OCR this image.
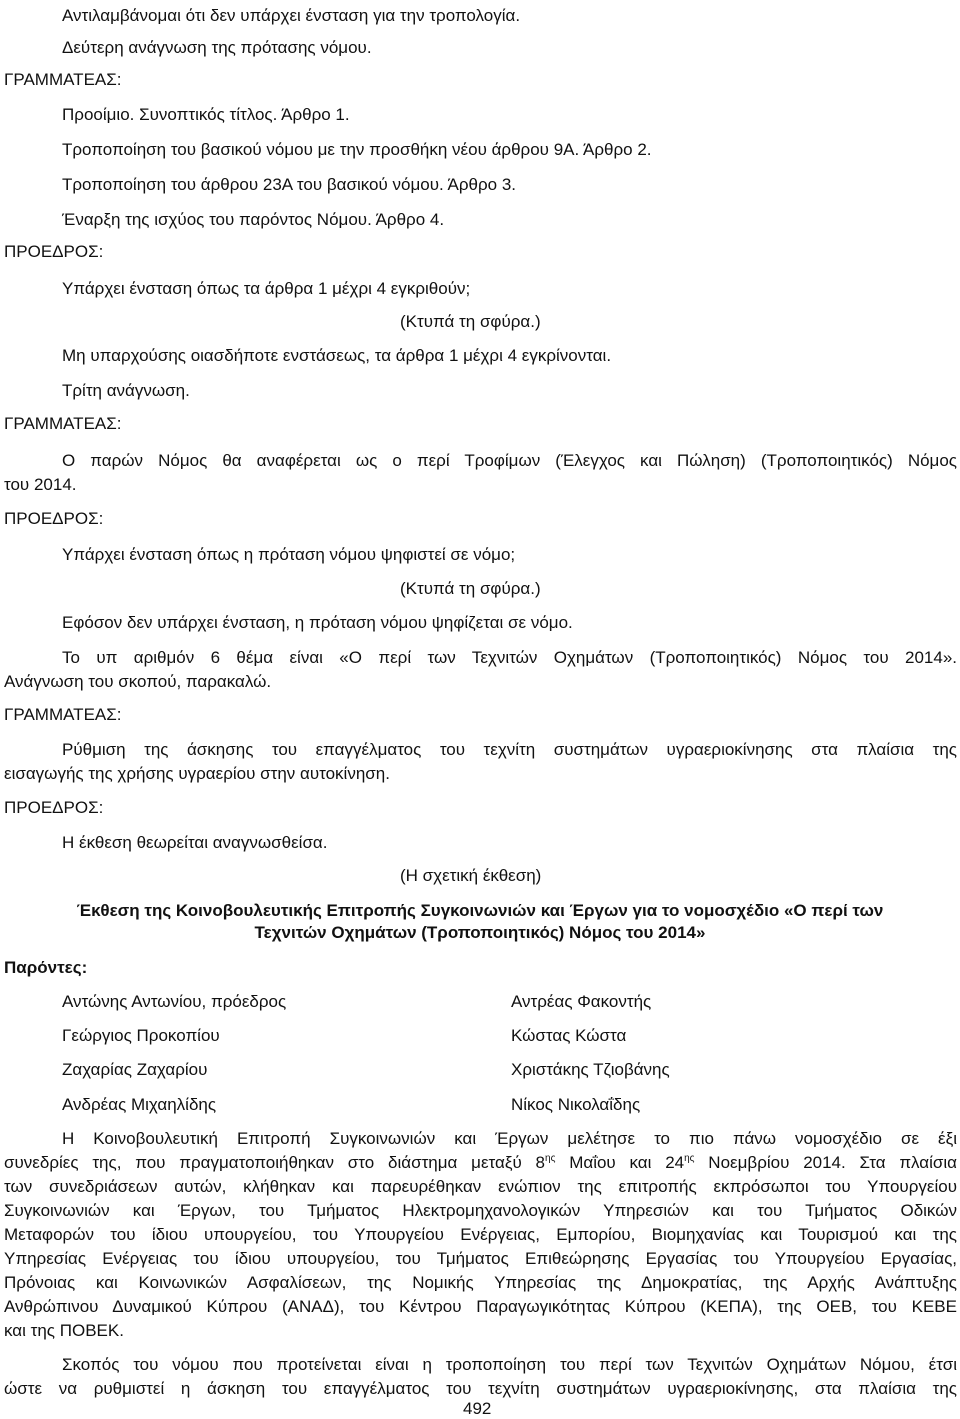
Αντιλαμβάνομαι ότι δεν υπάρχει ένσταση για την τροπολογία.
Δεύτερη ανάγνωση της πρότασης νόμου.
ΓΡΑΜΜΑΤΕΑΣ:
Προοίμιο. Συνοπτικός τίτλος. Άρθρο 1.
Τροποποίηση του βασικού νόμου με την προσθήκη νέου άρθρου 9Α. Άρθρο 2.
Τροποποίηση του άρθρου 23Α του βασικού νόμου. Άρθρο 3.
Έναρξη της ισχύος του παρόντος Νόμου. Άρθρο 4.
ΠΡΟΕΔΡΟΣ:
Υπάρχει ένσταση όπως τα άρθρα 1 μέχρι 4 εγκριθούν;
(Κτυπά τη σφύρα.)
Μη υπαρχούσης οιασδήποτε ενστάσεως, τα άρθρα 1 μέχρι 4 εγκρίνονται.
Τρίτη ανάγνωση.
ΓΡΑΜΜΑΤΕΑΣ:
Ο παρών Νόμος θα αναφέρεται ως ο περί Τροφίμων (Έλεγχος και Πώληση) (Τροποποιητικός) Νόμος
του 2014.
ΠΡΟΕΔΡΟΣ:
Υπάρχει ένσταση όπως η πρόταση νόμου ψηφιστεί σε νόμο;
(Κτυπά τη σφύρα.)
Εφόσον δεν υπάρχει ένσταση, η πρόταση νόμου ψηφίζεται σε νόμο.
Το υπ αριθμόν 6 θέμα είναι «Ο περί των Τεχνιτών Οχημάτων (Τροποποιητικός) Νόμος του 2014».
Ανάγνωση του σκοπού, παρακαλώ.
ΓΡΑΜΜΑΤΕΑΣ:
Ρύθμιση της άσκησης του επαγγέλματος του τεχνίτη συστημάτων υγραεριοκίνησης στα πλαίσια της
εισαγωγής της χρήσης υγραερίου στην αυτοκίνηση.
ΠΡΟΕΔΡΟΣ:
Η έκθεση θεωρείται αναγνωσθείσα.
(Η σχετική έκθεση)
Έκθεση της Κοινοβουλευτικής Επιτροπής Συγκοινωνιών και Έργων για το νομοσχέδιο «Ο περί των
Τεχνιτών Οχημάτων (Τροποποιητικός) Νόμος του 2014»
Παρόντες:
Αντώνης Αντωνίου, πρόεδρος
Γεώργιος Προκοπίου
Ζαχαρίας Ζαχαρίου
Ανδρέας Μιχαηλίδης
Αντρέας Φακοντής
Κώστας Κώστα
Χριστάκης Τζιοβάνης
Νίκος Νικολαΐδης
Η Κοινοβουλευτική Επιτροπή Συγκοινωνιών και Έργων μελέτησε το πιο πάνω νομοσχέδιο σε έξι
συνεδρίες της, που πραγματοποιήθηκαν στο διάστημα μεταξύ $8^{\eta\varsigma}$ Μαΐου και $24^{\eta\varsigma}$ Νοεμβρίου 2014. Στα πλαίσια
των συνεδριάσεων αυτών, κλήθηκαν και παρευρέθηκαν ενώπιον της επιτροπής εκπρόσωποι του Υπουργείου
Συγκοινωνιών και Έργων, του Τμήματος Ηλεκτρομηχανολογικών Υπηρεσιών και του Τμήματος Οδικών
Μεταφορών του ίδιου υπουργείου, του Υπουργείου Ενέργειας, Εμπορίου, Βιομηχανίας και Τουρισμού και της
Υπηρεσίας Ενέργειας του ίδιου υπουργείου, του Τμήματος Επιθεώρησης Εργασίας του Υπουργείου Εργασίας,
Πρόνοιας και Κοινωνικών Ασφαλίσεων, της Νομικής Υπηρεσίας της Δημοκρατίας, της Αρχής Ανάπτυξης
Ανθρώπινου Δυναμικού Κύπρου (ΑΝΑΔ), του Κέντρου Παραγωγικότητας Κύπρου (ΚΕΠΑ), της ΟΕΒ, του ΚΕΒΕ
και της ΠΟΒΕΚ.
Σκοπός του νόμου που προτείνεται είναι η τροποποίηση του περί των Τεχνιτών Οχημάτων Νόμου, έτσι
ώστε να ρυθμιστεί η άσκηση του επαγγέλματος του τεχνίτη συστημάτων υγραεριοκίνησης, στα πλαίσια της
492
